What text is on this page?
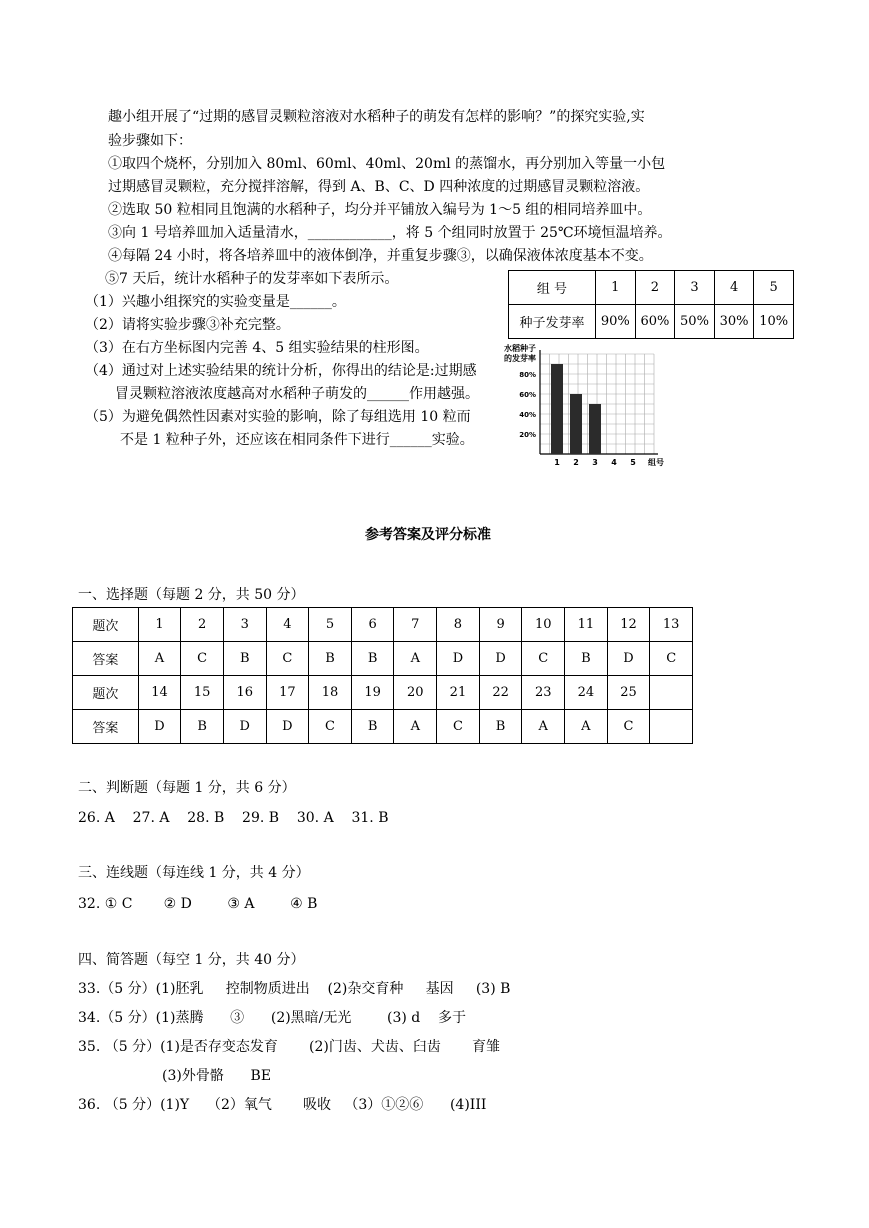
趣小组开展了“过期的感冒灵颗粒溶液对水稻种子的萌发有怎样的影响？”的探究实验,实
验步骤如下：
①取四个烧杯，分别加入 80ml、60ml、40ml、20ml 的蒸馏水，再分别加入等量一小包
过期感冒灵颗粒，充分搅拌溶解，得到 A、B、C、D 四种浓度的过期感冒灵颗粒溶液。
②选取 50 粒相同且饱满的水稻种子，均分并平铺放入编号为 1～5 组的相同培养皿中。
③向 1 号培养皿加入适量清水，____________，将 5 个组同时放置于 25℃环境恒温培养。
④每隔 24 小时，将各培养皿中的液体倒净，并重复步骤③，以确保液体浓度基本不变。
⑤7 天后，统计水稻种子的发芽率如下表所示。
（1）兴趣小组探究的实验变量是______。
（2）请将实验步骤③补充完整。
（3）在右方坐标图内完善 4、5 组实验结果的柱形图。
（4）通过对上述实验结果的统计分析，你得出的结论是:过期感
冒灵颗粒溶液浓度越高对水稻种子萌发的______作用越强。
（5）为避免偶然性因素对实验的影响，除了每组选用 10 粒而
不是 1 粒种子外，还应该在相同条件下进行______实验。
组 号	1	2	3	4	5
种子发芽率	90%	60%	50%	30%	10%
水稻种子
的发芽率
20%
40%
60%
80%
1 2 3 4 5 组号
参考答案及评分标准
一、选择题（每题 2 分，共 50 分）
题次	1	2	3	4	5	6	7	8	9	10	11	12	13
答案	A	C	B	C	B	B	A	D	D	C	B	D	C
题次	14	15	16	17	18	19	20	21	22	23	24	25	
答案	D	B	D	D	C	B	A	C	B	A	A	C	
二、判断题（每题 1 分，共 6 分）
26. A    27. A    28. B    29. B    30. A    31. B
三、连线题（每连线 1 分，共 4 分）
32. ① C       ② D        ③ A        ④ B
四、简答题（每空 1 分，共 40 分）
33.（5 分）(1)胚乳     控制物质进出    (2)杂交育种     基因     (3) B
34.（5 分）(1)蒸腾      ③      (2)黑暗/无光        (3) d    多于
35. （5 分）(1)是否存变态发育       (2)门齿、犬齿、臼齿       育雏
(3)外骨骼      BE
36. （5 分）(1)Y    （2）氧气       吸收   （3）①②⑥      (4)III
